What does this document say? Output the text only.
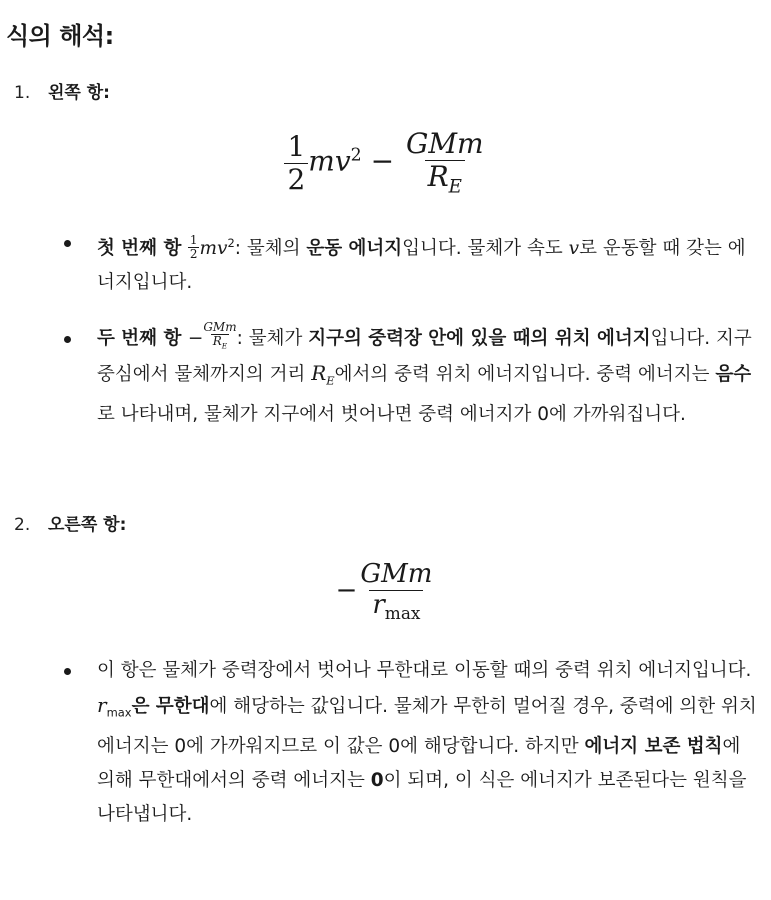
식의 해석:
1. 왼쪽 항:
$\frac{1}{2} mv^2 - \frac{\text{GMm}}{R_E}$
첫 번째 항 $\frac{1}{2} mv^2$: 물체의 운동 에너지입니다. 물체가 속도 v로 운동할 때 갖는 에너지입니다.
두 번째 항 −
GMm
$R_E$ : 물체가 지구의 중력장 안에 있을 때의 위치 에너지입니다. 지구 중심에서 물체까지의 거리 $R_E$에서의 중력 위치 에너지입니다. 중력 에너지는 음수로 나타내며, 물체가 지구에서 벗어나면 중력 에너지가 0에 가까워집니다.
2. 오른쪽 항:
− $\frac{\text{GMm}}{r_{max}}$
이 항은 물체가 중력장에서 벗어나 무한대로 이동할 때의 중력 위치 에너지입니다. $r_{max}$은 무한대에 해당하는 값입니다. 물체가 무한히 멀어질 경우, 중력에 의한 위치 에너지는 0에 가까워지므로 이 값은 0에 해당합니다. 하지만 에너지 보존 법칙에 의해 무한대에서의 중력 에너지는 0이 되며, 이 식은 에너지가 보존된다는 원칙을 나타냅니다.
